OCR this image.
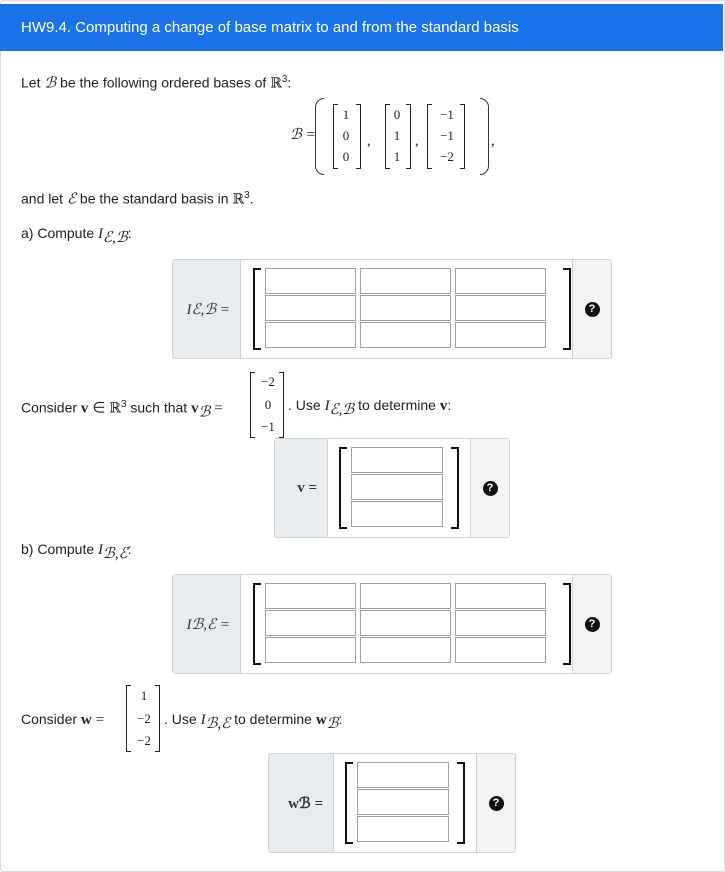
HW9.4. Computing a change of base matrix to and from the standard basis
Let ℬ be the following ordered bases of ℝ$^3$:
ℬ =
1
0
0
,
0
1
1
,
−1
−1
−2
,
and let ℰ be the standard basis in ℝ$^3$.
a) Compute $I_{ℰ,ℬ}$:
Iℰ,ℬ =	?
Consider v ∈ ℝ$^3$ such that $v_ℬ$ =
−2
0
−1
. Use $I_{ℰ,ℬ}$ to determine v:
v =	?
b) Compute $I_{ℬ,ℰ}$:
Iℬ,ℰ =	?
Consider w =
1
−2
−2
. Use $I_{ℬ,ℰ}$ to determine $w_ℬ$:
wℬ =	?
